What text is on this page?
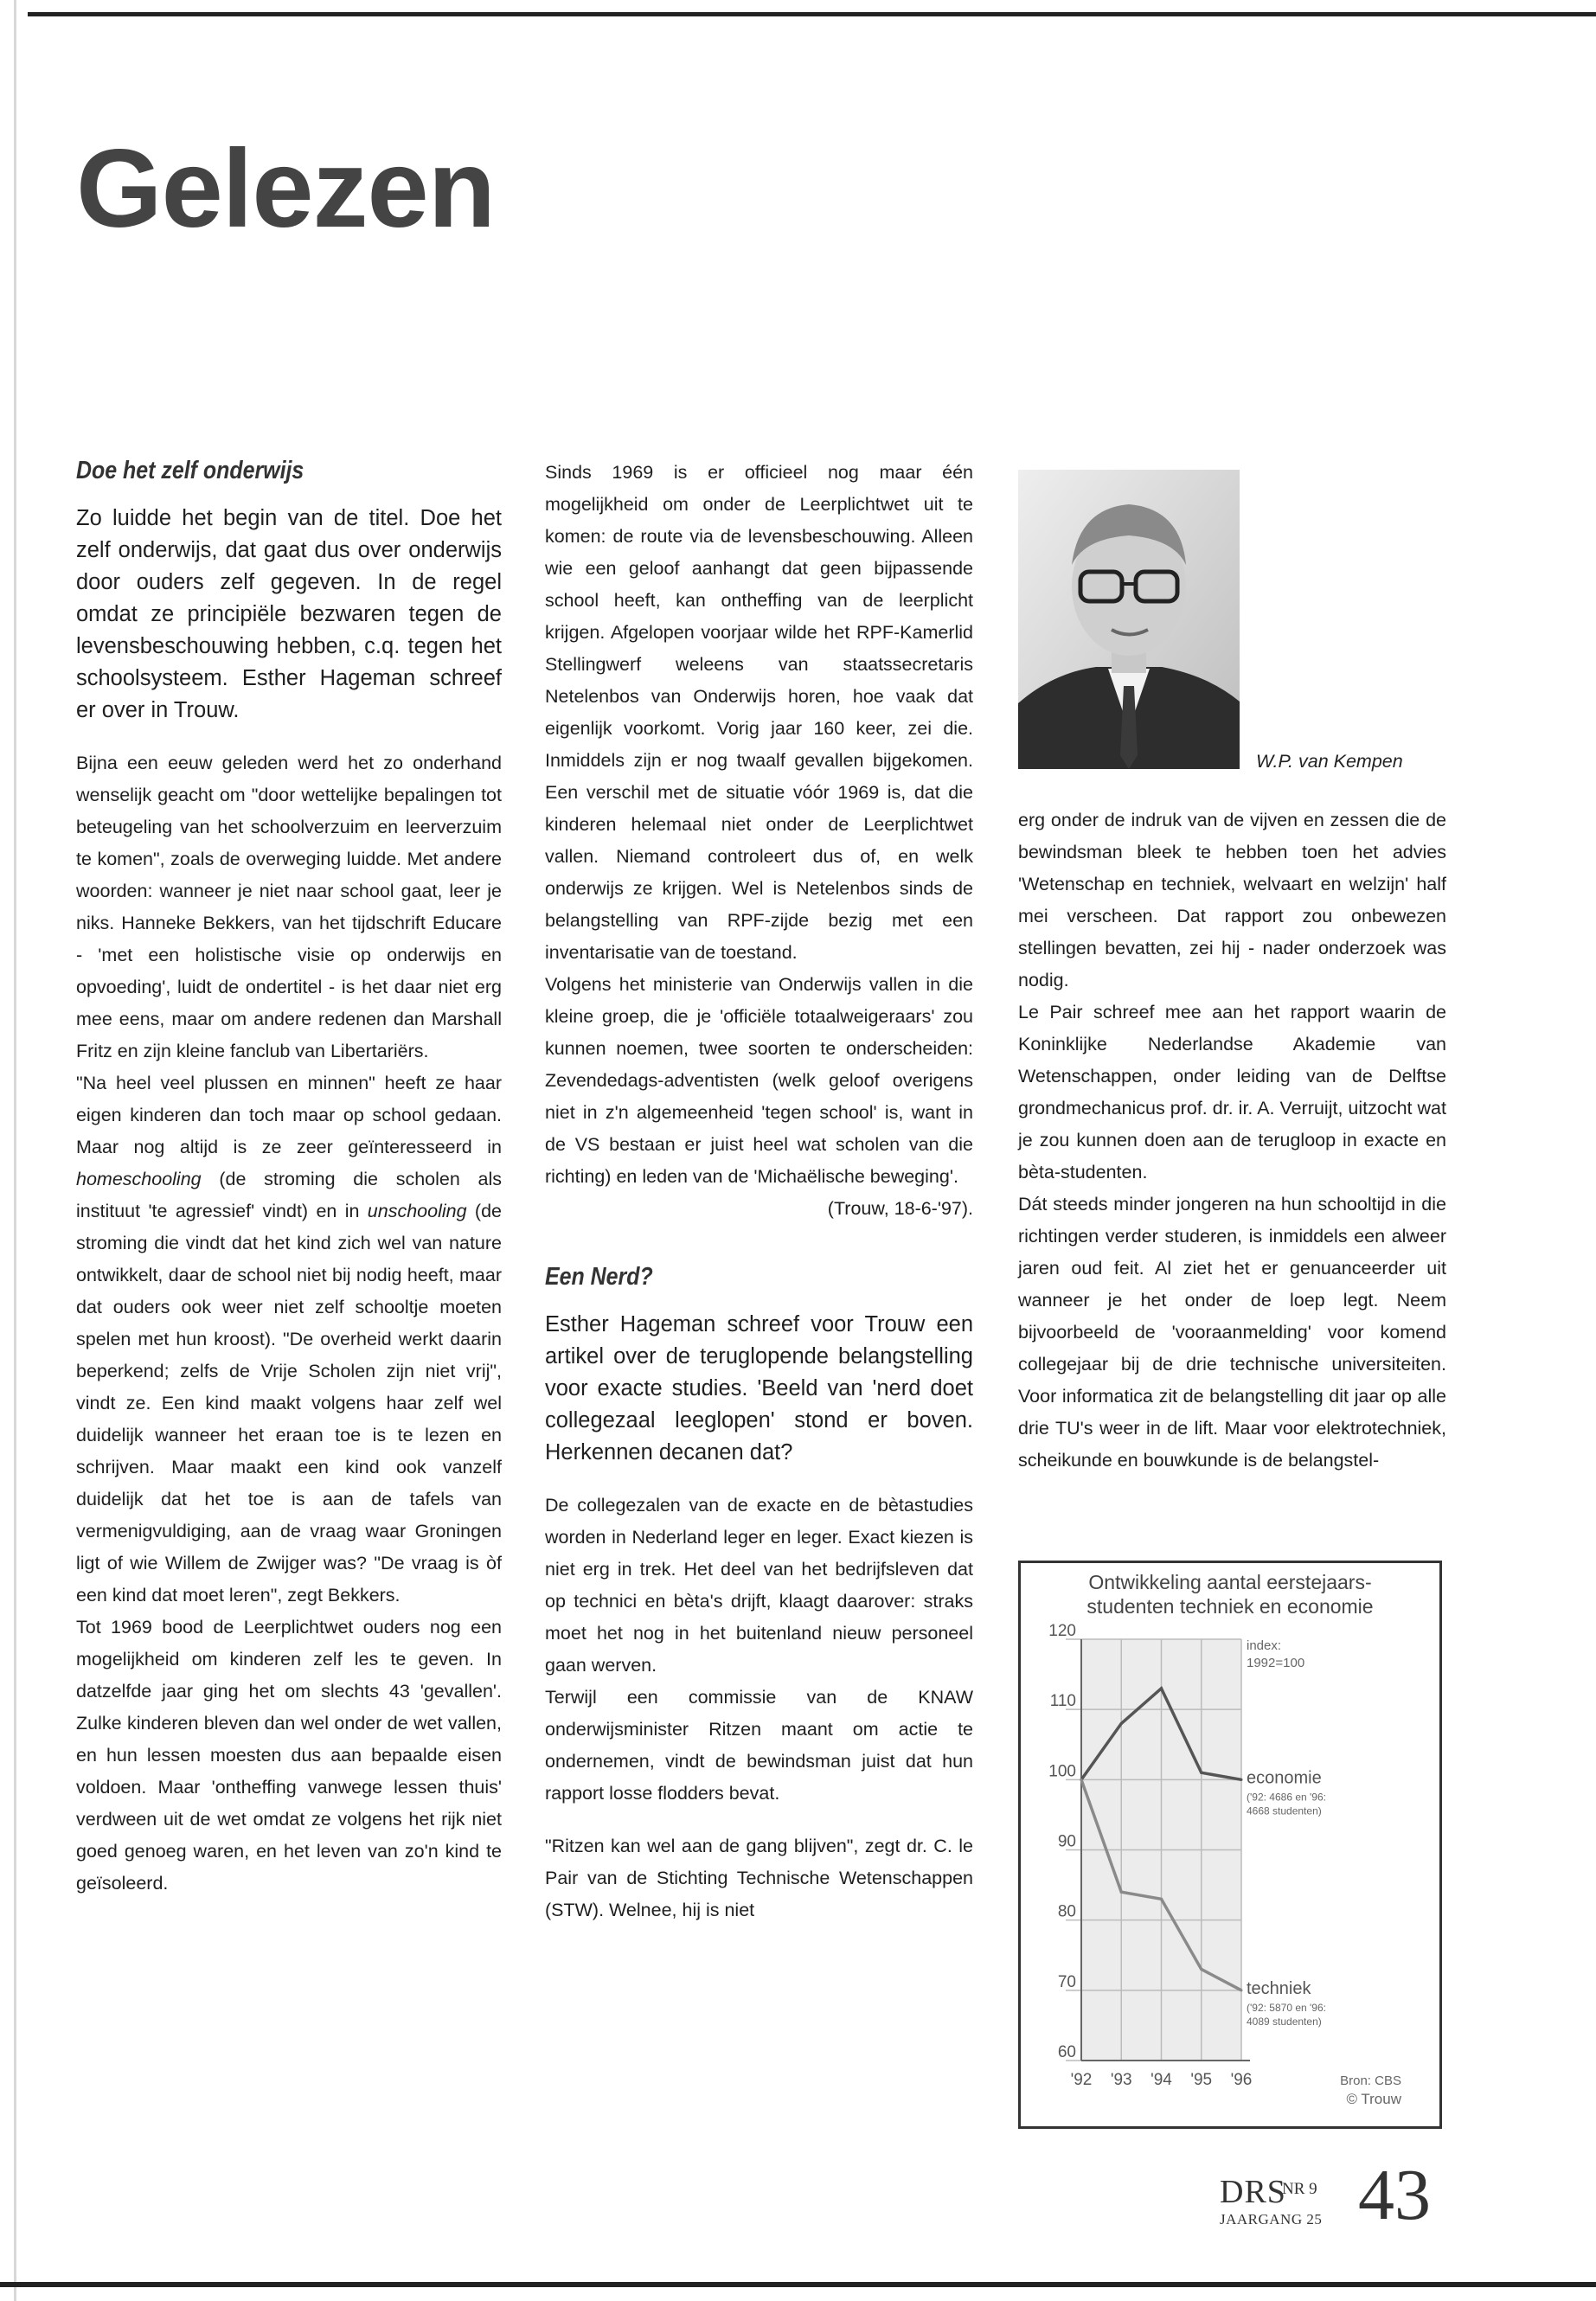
Gelezen
Doe het zelf onderwijs

Zo luidde het begin van de titel. Doe het zelf onderwijs, dat gaat dus over onderwijs door ouders zelf gegeven. In de regel omdat ze principiële bezwaren tegen de levensbeschouwing hebben, c.q. tegen het schoolsysteem. Esther Hageman schreef er over in Trouw.

Bijna een eeuw geleden werd het zo onderhand wenselijk geacht om "door wettelijke bepalingen tot beteugeling van het schoolverzuim en leerverzuim te komen", zoals de overweging luidde. Met andere woorden: wanneer je niet naar school gaat, leer je niks. Hanneke Bekkers, van het tijdschrift Educare - 'met een holistische visie op onderwijs en opvoeding', luidt de ondertitel - is het daar niet erg mee eens, maar om andere redenen dan Marshall Fritz en zijn kleine fanclub van Libertariërs.

"Na heel veel plussen en minnen" heeft ze haar eigen kinderen dan toch maar op school gedaan. Maar nog altijd is ze zeer geïnteresseerd in homeschooling (de stroming die scholen als instituut 'te agressief' vindt) en in unschooling (de stroming die vindt dat het kind zich wel van nature ontwikkelt, daar de school niet bij nodig heeft, maar dat ouders ook weer niet zelf schooltje moeten spelen met hun kroost). "De overheid werkt daarin beperkend; zelfs de Vrije Scholen zijn niet vrij", vindt ze. Een kind maakt volgens haar zelf wel duidelijk wanneer het eraan toe is te lezen en schrijven. Maar maakt een kind ook vanzelf duidelijk dat het toe is aan de tafels van vermenigvuldiging, aan de vraag waar Groningen ligt of wie Willem de Zwijger was? "De vraag is òf een kind dat moet leren", zegt Bekkers.

Tot 1969 bood de Leerplichtwet ouders nog een mogelijkheid om kinderen zelf les te geven. In datzelfde jaar ging het om slechts 43 'gevallen'. Zulke kinderen bleven dan wel onder de wet vallen, en hun lessen moesten dus aan bepaalde eisen voldoen. Maar 'ontheffing vanwege lessen thuis' verdween uit de wet omdat ze volgens het rijk niet goed genoeg waren, en het leven van zo'n kind te geïsoleerd.

Sinds 1969 is er officieel nog maar één mogelijkheid om onder de Leerplichtwet uit te komen: de route via de levensbeschouwing. Alleen wie een geloof aanhangt dat geen bijpassende school heeft, kan ontheffing van de leerplicht krijgen. Afgelopen voorjaar wilde het RPF-Kamerlid Stellingwerf weleens van staatssecretaris Netelenbos van Onderwijs horen, hoe vaak dat eigenlijk voorkomt. Vorig jaar 160 keer, zei die. Inmiddels zijn er nog twaalf gevallen bijgekomen. Een verschil met de situatie vóór 1969 is, dat die kinderen helemaal niet onder de Leerplichtwet vallen. Niemand controleert dus of, en welk onderwijs ze krijgen. Wel is Netelenbos sinds de belangstelling van RPF-zijde bezig met een inventarisatie van de toestand.

Volgens het ministerie van Onderwijs vallen in die kleine groep, die je 'officiële totaalweigeraars' zou kunnen noemen, twee soorten te onderscheiden: Zevendedags-adventisten (welk geloof overigens niet in z'n algemeenheid 'tegen school' is, want in de VS bestaan er juist heel wat scholen van die richting) en leden van de 'Michaëlische beweging'.

(Trouw, 18-6-'97).

Een Nerd?

Esther Hageman schreef voor Trouw een artikel over de teruglopende belangstelling voor exacte studies. 'Beeld van 'nerd doet collegezaal leeglopen' stond er boven. Herkennen decanen dat?

De collegezalen van de exacte en de bètastudies worden in Nederland leger en leger. Exact kiezen is niet erg in trek. Het deel van het bedrijfsleven dat op technici en bèta's drijft, klaagt daarover: straks moet het nog in het buitenland nieuw personeel gaan werven.

Terwijl een commissie van de KNAW onderwijsminister Ritzen maant om actie te ondernemen, vindt de bewindsman juist dat hun rapport losse flodders bevat.

"Ritzen kan wel aan de gang blijven", zegt dr. C. le Pair van de Stichting Technische Wetenschappen (STW). Welnee, hij is niet

W.P. van Kempen

erg onder de indruk van de vijven en zessen die de bewindsman bleek te hebben toen het advies 'Wetenschap en techniek, welvaart en welzijn' half mei verscheen. Dat rapport zou onbewezen stellingen bevatten, zei hij - nader onderzoek was nodig.

Le Pair schreef mee aan het rapport waarin de Koninklijke Nederlandse Akademie van Wetenschappen, onder leiding van de Delftse grondmechanicus prof. dr. ir. A. Verruijt, uitzocht wat je zou kunnen doen aan de terugloop in exacte en bèta-studenten.

Dát steeds minder jongeren na hun schooltijd in die richtingen verder studeren, is inmiddels een alweer jaren oud feit. Al ziet het er genuanceerder uit wanneer je het onder de loep legt. Neem bijvoorbeeld de 'vooraanmelding' voor komend collegejaar bij de drie technische universiteiten. Voor informatica zit de belangstelling dit jaar op alle drie TU's weer in de lift. Maar voor elektrotechniek, scheikunde en bouwkunde is de belangstel-

Ontwikkeling aantal eerstejaars-
studenten techniek en economie
120
110
100
90
80
70
60
'92 '93 '94 '95 '96
index:
1992=100
economie
('92: 4686 en '96:
4668 studenten)
techniek
('92: 5870 en '96:
4089 studenten)
Bron: CBS
© Trouw
DRS
NR 9
JAARGANG 25 43
